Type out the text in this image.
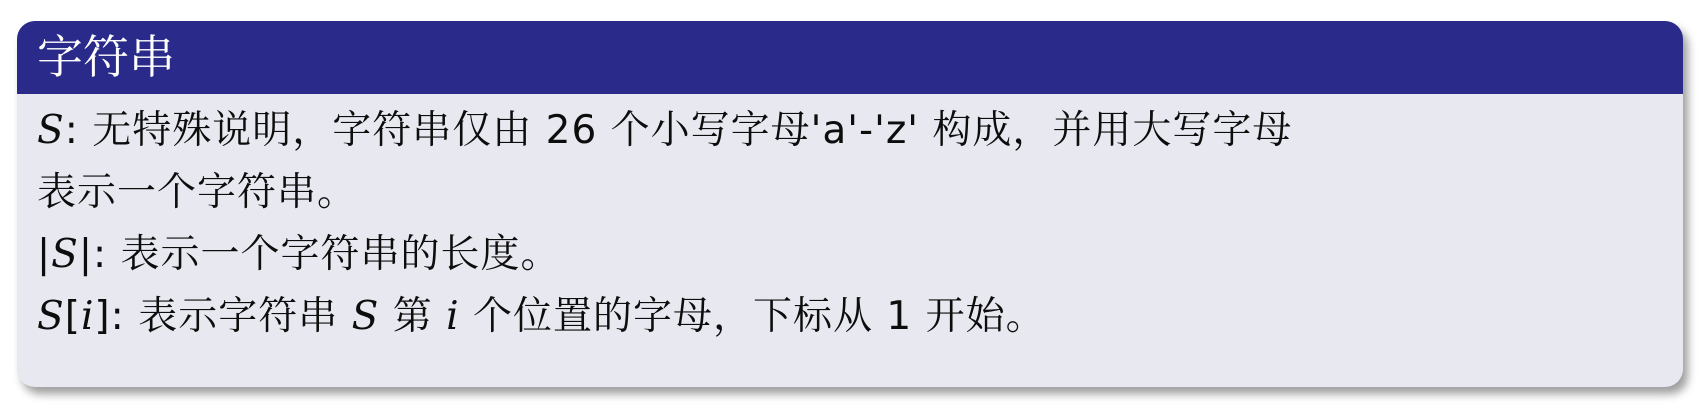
字符串
S: 无特殊说明，字符串仅由 26 个小写字母'a'-'z' 构成，并用大写字母
表示一个字符串。
|S|: 表示一个字符串的长度。
S[i]: 表示字符串 S 第 i 个位置的字母，下标从 1 开始。
